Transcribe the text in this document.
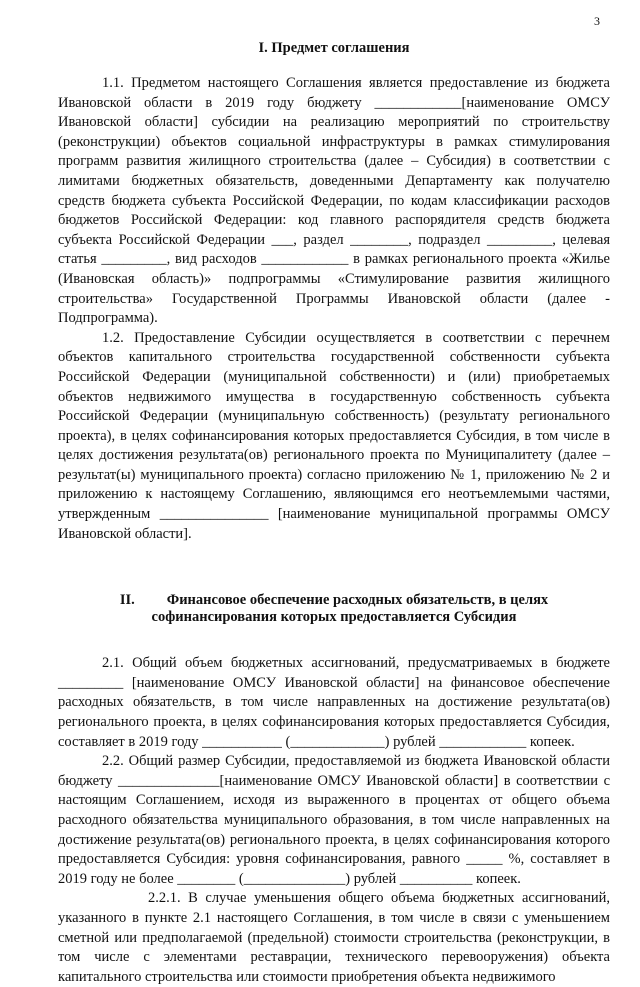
3
I. Предмет соглашения

1.1. Предметом настоящего Соглашения является предоставление из бюджета Ивановской области в 2019 году бюджету ____________[наименование ОМСУ Ивановской области] субсидии на реализацию мероприятий по строительству (реконструкции) объектов социальной инфраструктуры в рамках стимулирования программ развития жилищного строительства (далее – Субсидия) в соответствии с лимитами бюджетных обязательств, доведенными Департаменту как получателю средств бюджета субъекта Российской Федерации, по кодам классификации расходов бюджетов Российской Федерации: код главного распорядителя средств бюджета субъекта Российской Федерации ___, раздел ________, подраздел _________, целевая статья _________, вид расходов ____________ в рамках регионального проекта «Жилье (Ивановская область)» подпрограммы «Стимулирование развития жилищного строительства» Государственной Программы Ивановской области (далее - Подпрограмма).

1.2. Предоставление Субсидии осуществляется в соответствии с перечнем объектов капитального строительства государственной собственности субъекта Российской Федерации (муниципальной собственности) и (или) приобретаемых объектов недвижимого имущества в государственную собственность субъекта Российской Федерации (муниципальную собственность) (результату регионального проекта), в целях софинансирования которых предоставляется Субсидия, в том числе в целях достижения результата(ов) регионального проекта по Муниципалитету (далее – результат(ы) муниципального проекта) согласно приложению № 1, приложению № 2 и приложению к настоящему Соглашению, являющимся его неотъемлемыми частями, утвержденным _______________ [наименование муниципальной программы ОМСУ Ивановской области].

II. Финансовое обеспечение расходных обязательств, в целях
софинансирования которых предоставляется Субсидия

2.1. Общий объем бюджетных ассигнований, предусматриваемых в бюджете _________ [наименование ОМСУ Ивановской области] на финансовое обеспечение расходных обязательств, в том числе направленных на достижение результата(ов) регионального проекта, в целях софинансирования которых предоставляется Субсидия, составляет в 2019 году ___________ (_____________) рублей ____________ копеек.

2.2. Общий размер Субсидии, предоставляемой из бюджета Ивановской области бюджету ______________[наименование ОМСУ Ивановской области] в соответствии с настоящим Соглашением, исходя из выраженного в процентах от общего объема расходного обязательства муниципального образования, в том числе направленных на достижение результата(ов) регионального проекта, в целях софинансирования которого предоставляется Субсидия: уровня софинансирования, равного _____ %, составляет в 2019 году не более ________ (______________) рублей __________ копеек.

2.2.1. В случае уменьшения общего объема бюджетных ассигнований, указанного в пункте 2.1 настоящего Соглашения, в том числе в связи с уменьшением сметной или предполагаемой (предельной) стоимости строительства (реконструкции, в том числе с элементами реставрации, технического перевооружения) объекта капитального строительства или стоимости приобретения объекта недвижимого
